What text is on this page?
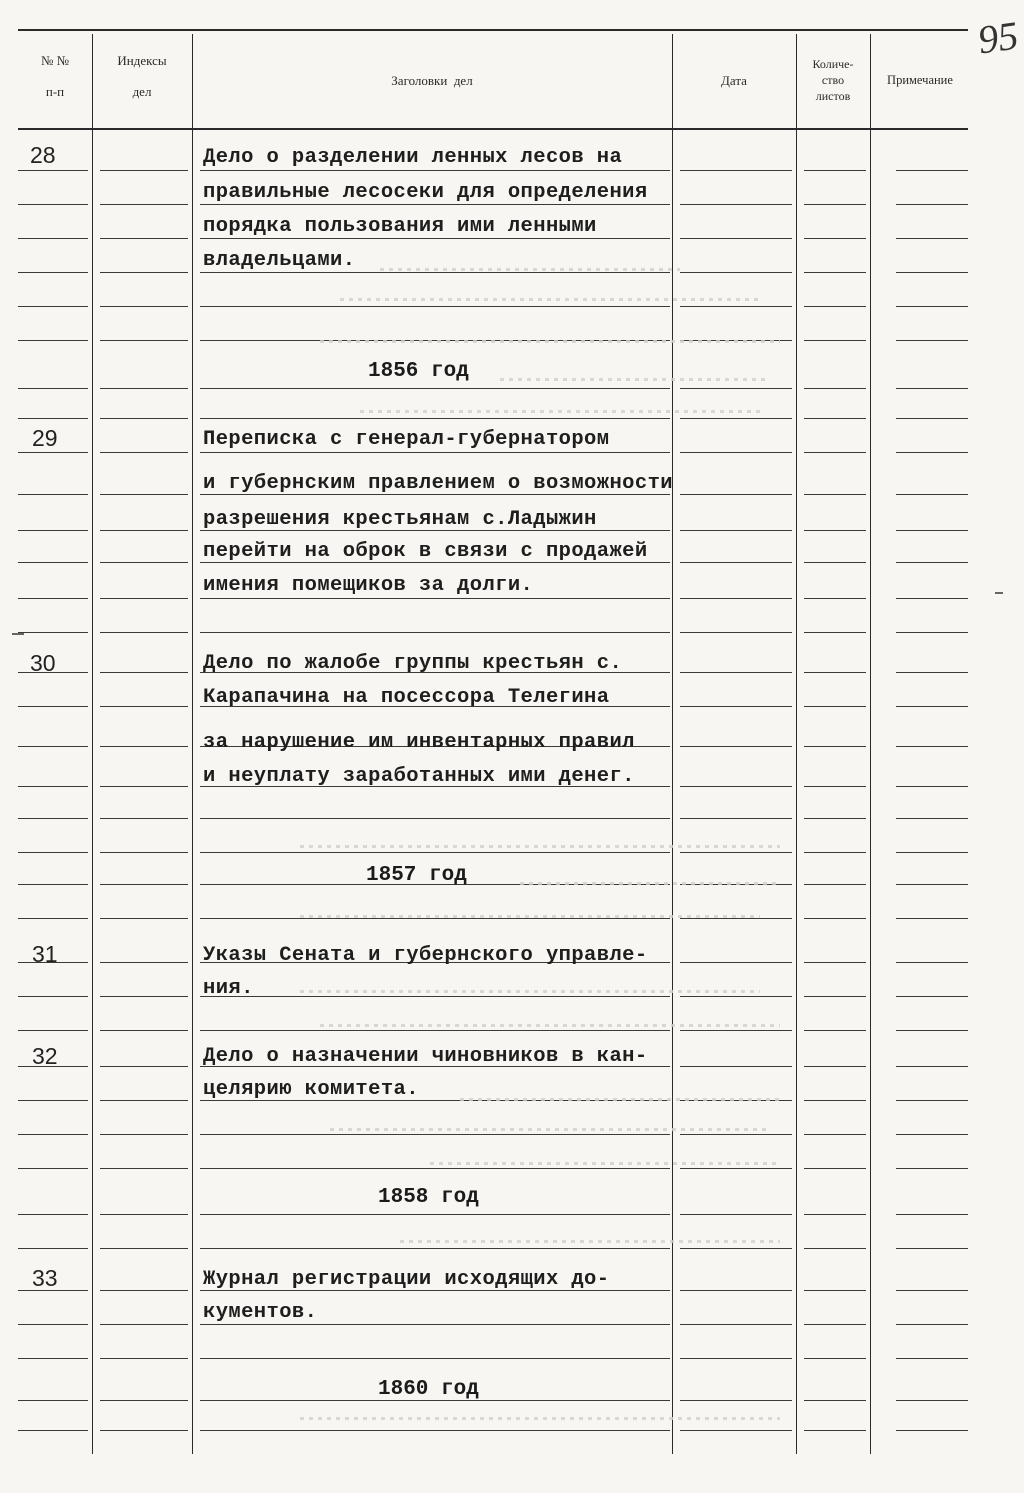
95
№ №
п-п
Индексы
дел
Заголовки  дел	Дата
Количе-
ство
листов
Примечание
28
29
30
31
32
33
Дело о разделении ленных лесов на
правильные лесосеки для определения
порядка пользования ими ленными
владельцами.
1856 год
Переписка с генерал-губернатором
и губернским правлением о возможности
разрешения крестьянам с.Ладыжин
перейти на оброк в связи с продажей
имения помещиков за долги.
Дело по жалобе группы крестьян с.
Карапачина на посессора Телегина
за нарушение им инвентарных правил
и неуплату заработанных ими денег.
1857 год
Указы Сената и губернского управле-
ния.
Дело о назначении чиновников в кан-
целярию комитета.
1858 год
Журнал регистрации исходящих до-
кументов.
1860 год
